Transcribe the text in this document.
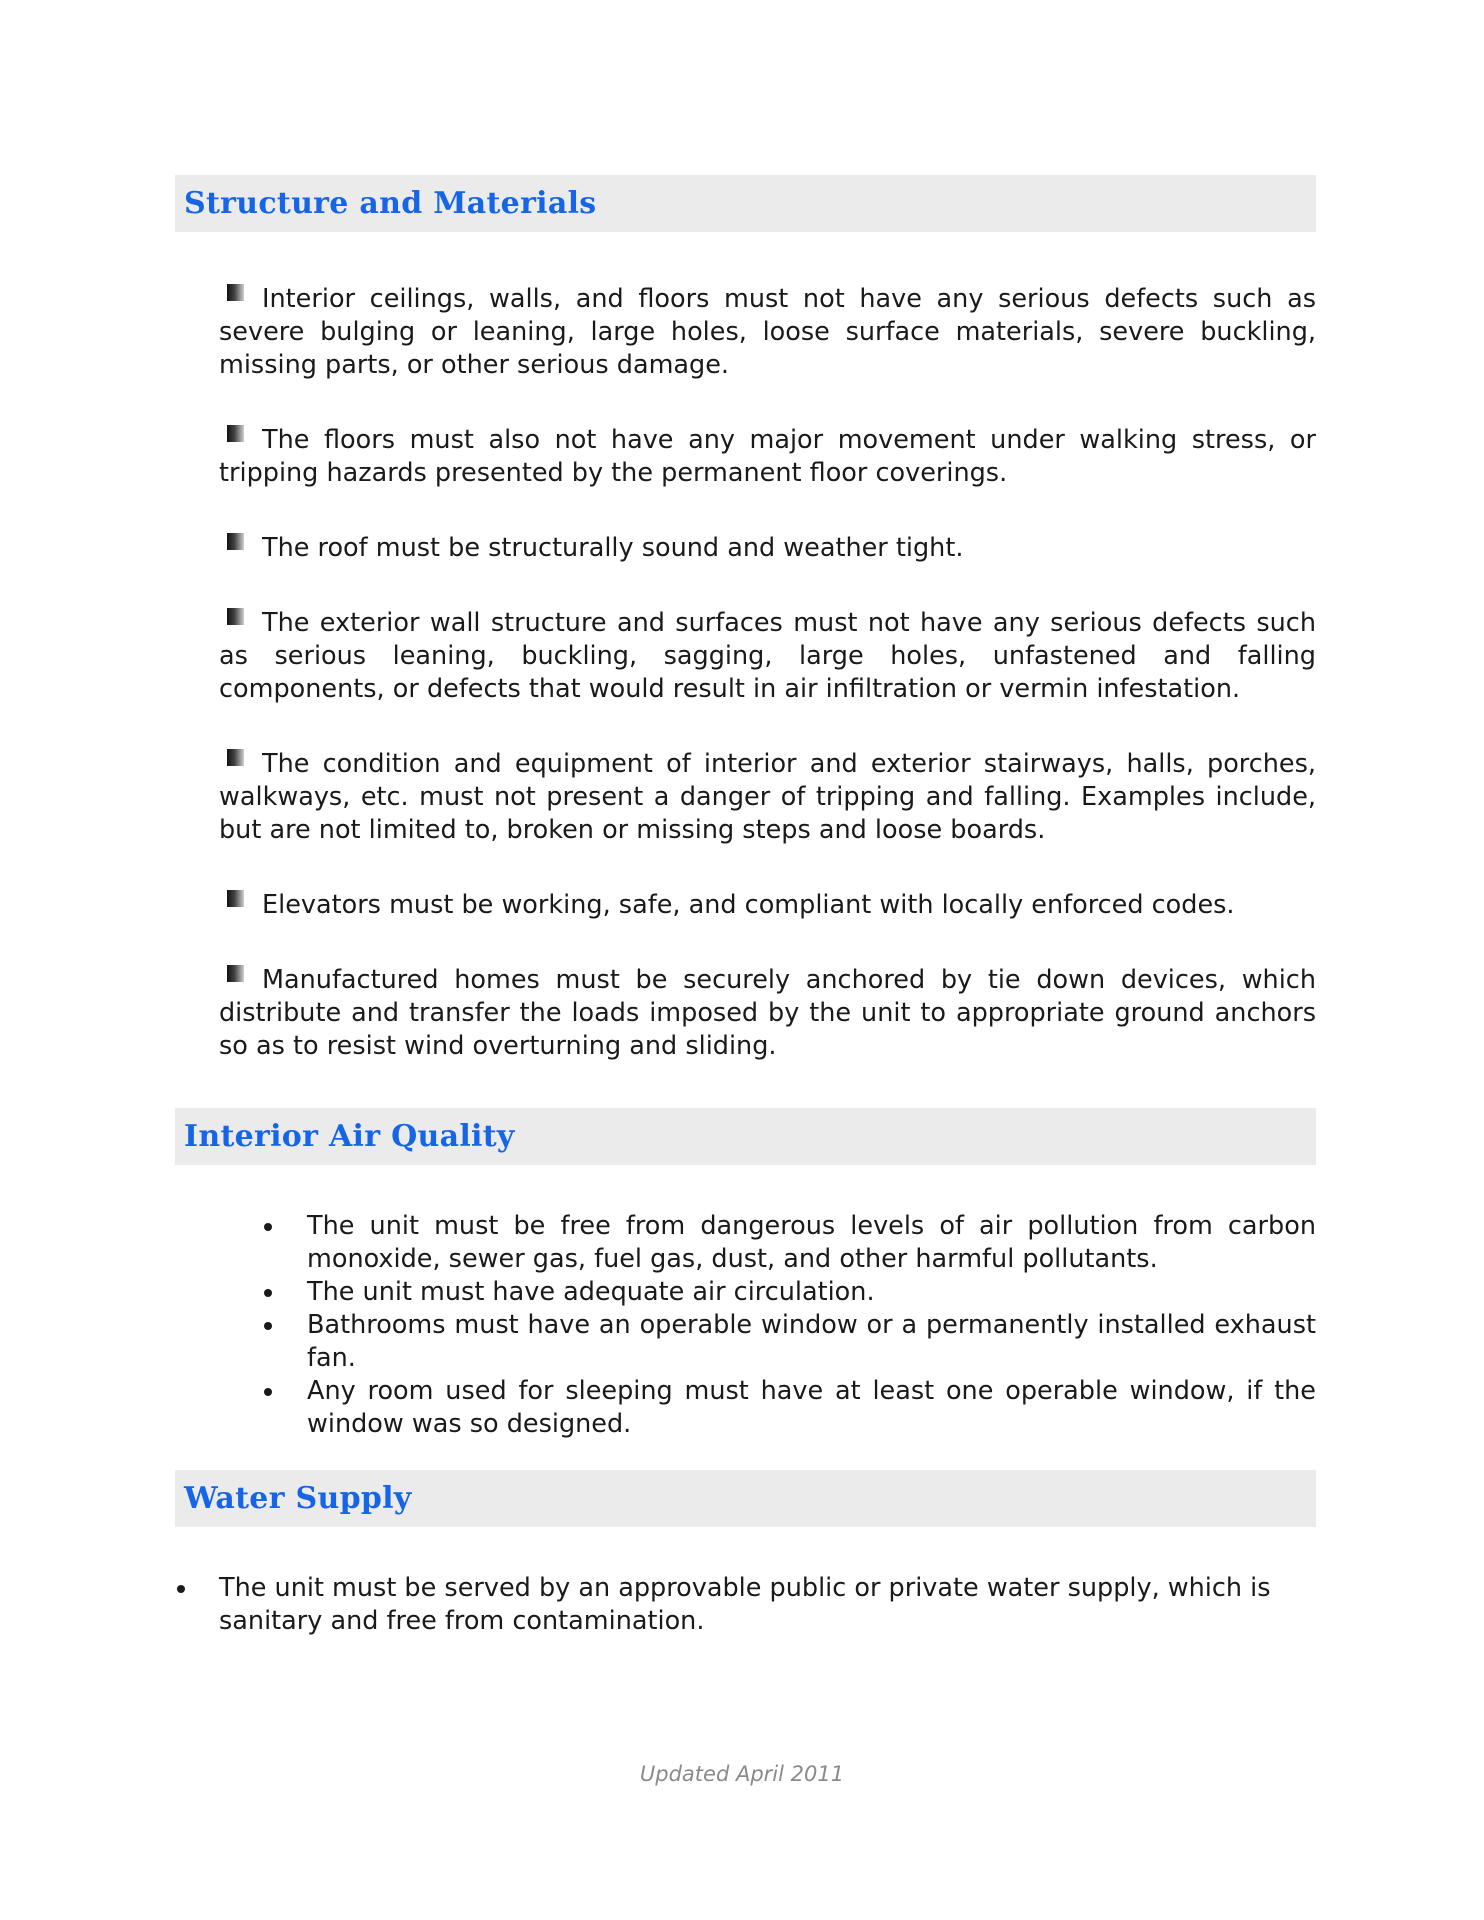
Structure and Materials
Interior ceilings, walls, and floors must not have any serious defects such as severe bulging or leaning, large holes, loose surface materials, severe buckling, missing parts, or other serious damage.
The floors must also not have any major movement under walking stress, or tripping hazards presented by the permanent floor coverings.
The roof must be structurally sound and weather tight.
The exterior wall structure and surfaces must not have any serious defects such as serious leaning, buckling, sagging, large holes, unfastened and falling components, or defects that would result in air infiltration or vermin infestation.
The condition and equipment of interior and exterior stairways, halls, porches, walkways, etc. must not present a danger of tripping and falling. Examples include, but are not limited to, broken or missing steps and loose boards.
Elevators must be working, safe, and compliant with locally enforced codes.
Manufactured homes must be securely anchored by tie down devices, which distribute and transfer the loads imposed by the unit to appropriate ground anchors so as to resist wind overturning and sliding.
Interior Air Quality
The unit must be free from dangerous levels of air pollution from carbon monoxide, sewer gas, fuel gas, dust, and other harmful pollutants.
The unit must have adequate air circulation.
Bathrooms must have an operable window or a permanently installed exhaust fan.
Any room used for sleeping must have at least one operable window, if the window was so designed.
Water Supply
The unit must be served by an approvable public or private water supply, which is sanitary and free from contamination.
Updated April 2011
